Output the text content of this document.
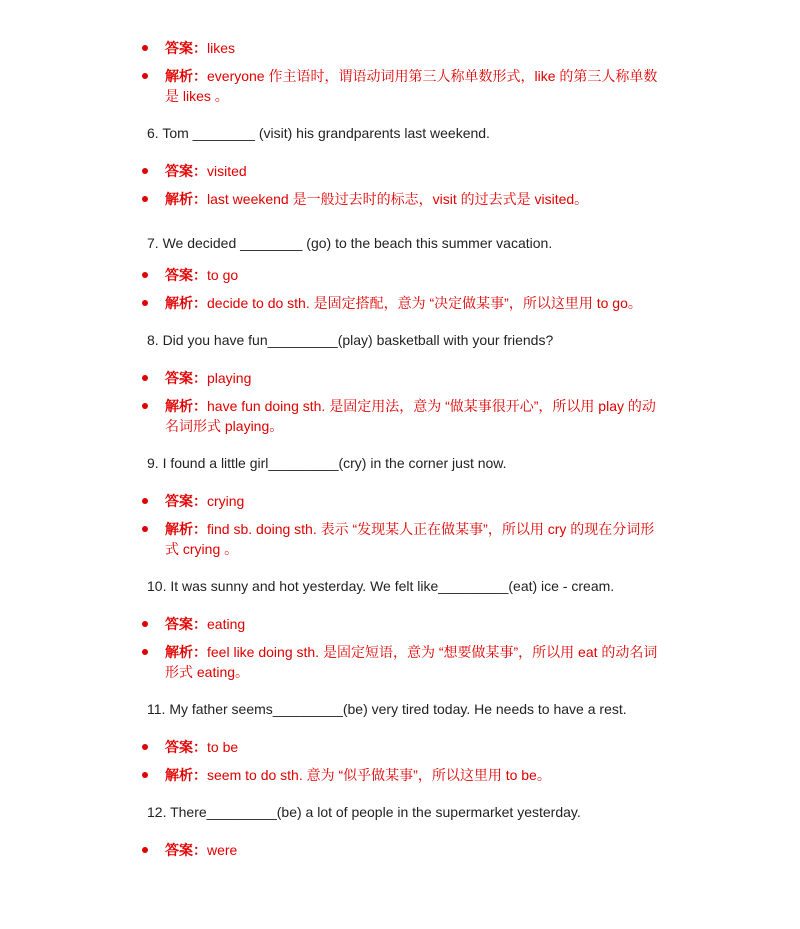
答案：likes
解析：everyone 作主语时，谓语动词用第三人称单数形式，like 的第三人称单数
是 likes 。
6. Tom ________ (visit) his grandparents last weekend.
答案：visited
解析：last weekend 是一般过去时的标志，visit 的过去式是 visited。
7. We decided ________ (go) to the beach this summer vacation.
答案：to go
解析：decide to do sth. 是固定搭配，意为 “决定做某事”，所以这里用 to go。
8. Did you have fun_________(play) basketball with your friends?
答案：playing
解析：have fun doing sth. 是固定用法，意为 “做某事很开心”，所以用 play 的动
名词形式 playing。
9. I found a little girl_________(cry) in the corner just now.
答案：crying
解析：find sb. doing sth. 表示 “发现某人正在做某事”，所以用 cry 的现在分词形
式 crying 。
10. It was sunny and hot yesterday. We felt like_________(eat) ice - cream.
答案：eating
解析：feel like doing sth. 是固定短语，意为 “想要做某事”，所以用 eat 的动名词
形式 eating。
11. My father seems_________(be) very tired today. He needs to have a rest.
答案：to be
解析：seem to do sth. 意为 “似乎做某事”，所以这里用 to be。
12. There_________(be) a lot of people in the supermarket yesterday.
答案：were
